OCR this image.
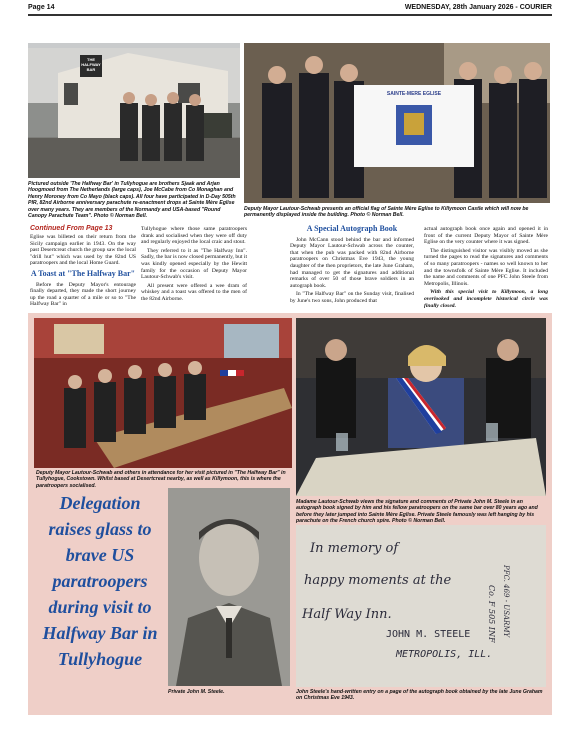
Page 14	WEDNESDAY, 28th January 2026 - COURIER
THE HALFWAY BAR
Pictured outside 'The Halfway Bar' in Tullyhogue are brothers Sjaak and Arjan Hoogmoed from The Netherlands (large caps), Joe McCabe from Co Monaghan and Henry Moroney from Co Mayo (black caps). All four have participated in D-Day 505th PIR, 82nd Airborne anniversary parachute re-enactment drops at Sainte Mère Eglise over many years. They are members of the Normandy and USA-based "Round Canopy Parachute Team". Photo © Norman Bell.
SAINTE-MERE EGLISE
Deputy Mayor Lautour-Schwab presents an official flag of Sainte Mère Eglise to Killymoon Castle which will now be permanently displayed inside the building. Photo © Norman Bell.
Continued From Page 13

Eglise was billeted on their return from the Sicily campaign earlier in 1943. On the way past Desertcreat church the group saw the local "drill hut" which was used by the 82nd US paratroopers and the local Home Guard.

A Toast at "The Halfway Bar"

Before the Deputy Mayor's entourage finally departed, they made the short journey up the road a quarter of a mile or so to "The Halfway Bar" in

Tullyhogue where those same paratroopers drank and socialised when they were off duty and regularly enjoyed the local craic and stout.

They referred to it as "The Halfway Inn". Sadly, the bar is now closed permanently, but it was kindly opened especially by the Hewitt family for the occasion of Deputy Mayor Lautour-Schwab's visit.

All present were offered a wee dram of whiskey and a toast was offered to the men of the 82nd Airborne.

A Special Autograph Book

John McCann stood behind the bar and informed Deputy Mayor Lautour-Schwab across the counter, that when the pub was packed with 82nd Airborne paratroopers on Christmas Eve 1943, the young daughter of the then proprietors, the late June Graham, had managed to get the signatures and additional remarks of over 50 of those brave soldiers in an autograph book.

In "The Halfway Bar" on the Sunday visit, finalised by June's two sons, John produced that

actual autograph book once again and opened it in front of the current Deputy Mayor of Sainte Mère Eglise on the very counter where it was signed.

The distinguished visitor was visibly moved as she turned the pages to read the signatures and comments of so many paratroopers - names so well known to her and the townsfolk of Sainte Mère Eglise. It included the name and comments of one PFC John Steele from Metropolis, Illinois.

With this special visit to Killymoon, a long overlooked and incomplete historical circle was finally closed.

Deputy Mayor Lautour-Schwab and others in attendance for her visit pictured in "The Halfway Bar" in Tullyhogue, Cookstown. Whilst based at Desertcreat nearby, as well as Killymoon, this is where the paratroopers socialised.
Madame Lautour-Schwab views the signature and comments of Private John M. Steele in an autograph book signed by him and his fellow paratroopers on the same bar over 80 years ago and before they later jumped into Sainte Mère Eglise. Private Steele famously was left hanging by his parachute on the French church spire. Photo © Norman Bell.
Delegation raises glass to brave US paratroopers during visit to Halfway Bar in Tullyhogue
Private John M. Steele.
In memory of
happy moments at the
Half Way Inn.
JOHN M. STEELE
METROPOLIS, ILL.
Co. F 505 INF PFC. 469 - USARMY
John Steele's hand-written entry on a page of the autograph book obtained by the late June Graham on Christmas Eve 1943.
